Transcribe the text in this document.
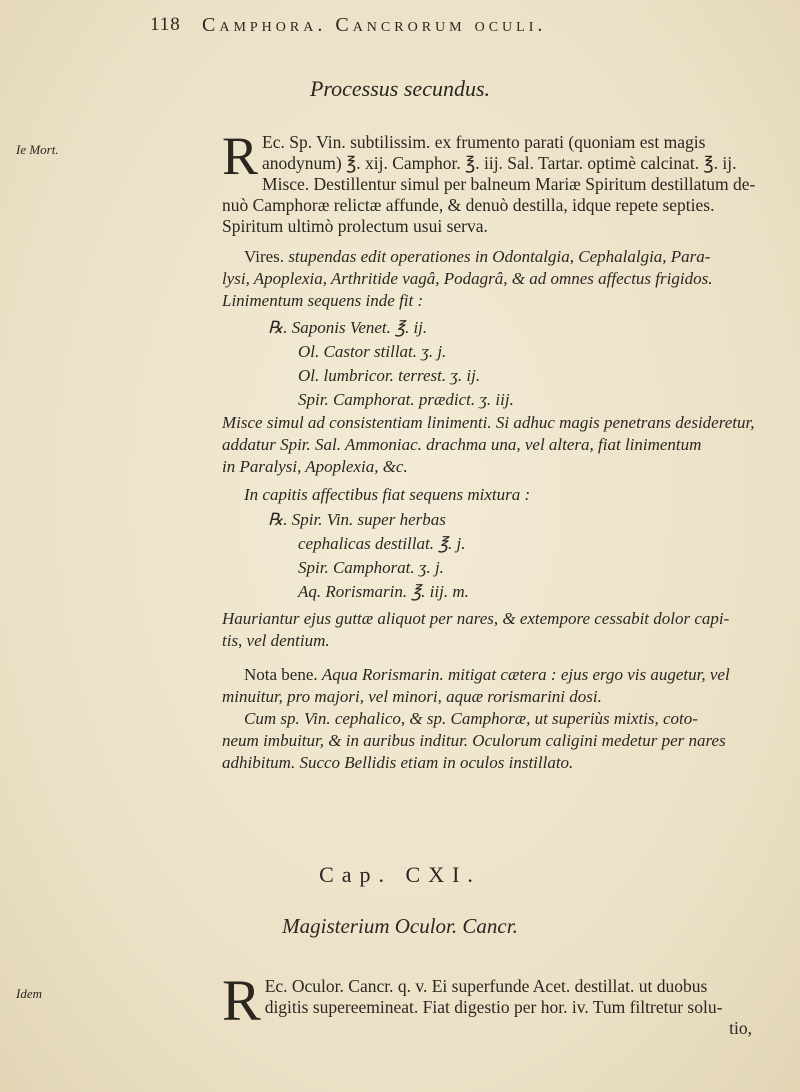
118 Camphora. Cancrorum oculi.
Processus secundus.
Ie Mort.	R Ec. Sp. Vin. subtilissim. ex frumento parati (quoniam est magis
anodynum) ℥. xij. Camphor. ℥. iij. Sal. Tartar. optimè calcinat. ℥. ij.
Misce. Destillentur simul per balneum Mariæ Spiritum destillatum de-
nuò Camphoræ relictæ affunde, & denuò destilla, idque repete septies.
Spiritum ultimò prolectum usui serva.
Vires. stupendas edit operationes in Odontalgia, Cephalalgia, Para-
lysi, Apoplexia, Arthritide vagâ, Podagrâ, & ad omnes affectus frigidos.
Linimentum sequens inde fit :
℞. Saponis Venet. ℥. ij.
Ol. Castor stillat. ʒ. j.
Ol. lumbricor. terrest. ʒ. ij.
Spir. Camphorat. prædict. ʒ. iij.
Misce simul ad consistentiam linimenti. Si adhuc magis penetrans desideretur,
addatur Spir. Sal. Ammoniac. drachma una, vel altera, fiat linimentum
in Paralysi, Apoplexia, &c.
In capitis affectibus fiat sequens mixtura :
℞. Spir. Vin. super herbas
cephalicas destillat. ℥. j.
Spir. Camphorat. ʒ. j.
Aq. Rorismarin. ℥. iij. m.
Hauriantur ejus guttæ aliquot per nares, & extempore cessabit dolor capi-
tis, vel dentium.
Nota bene. Aqua Rorismarin. mitigat cætera : ejus ergo vis augetur, vel
minuitur, pro majori, vel minori, aquæ rorismarini dosi.
Cum sp. Vin. cephalico, & sp. Camphoræ, ut superiùs mixtis, coto-
neum imbuitur, & in auribus inditur. Oculorum caligini medetur per nares
adhibitum. Succo Bellidis etiam in oculos instillato.
Cap. CXI.
Magisterium Oculor. Cancr.
Idem	R Ec. Oculor. Cancr. q. v. Ei superfunde Acet. destillat. ut duobus
digitis supereemineat. Fiat digestio per hor. iv. Tum filtretur solu-
tio,
